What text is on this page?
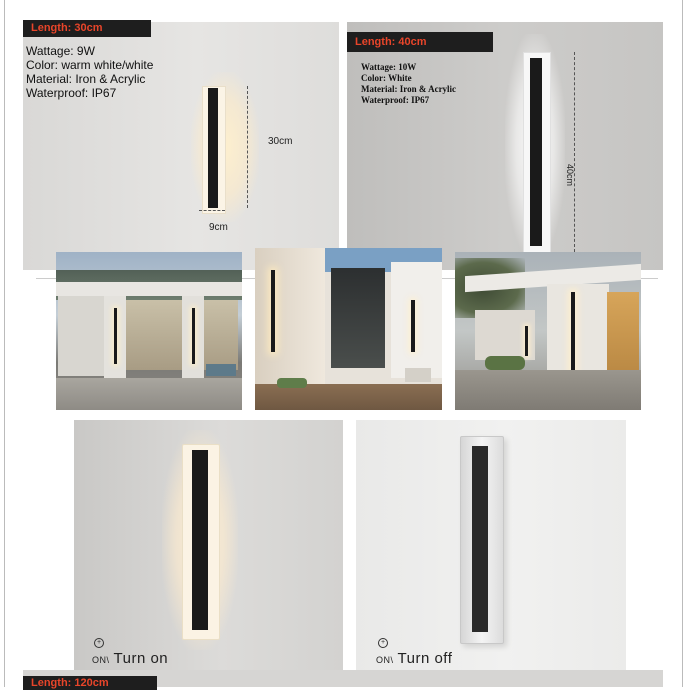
30cm
9cm
Length: 30cm
Wattage: 9W
Color: warm white/white
Material: Iron & Acrylic
Waterproof: IP67
40cm
Length: 40cm
Wattage: 10W
Color: White
Material: Iron & Acrylic
Waterproof: IP67
+
ON\ Turn on
+
ON\ Turn off
Length: 120cm
